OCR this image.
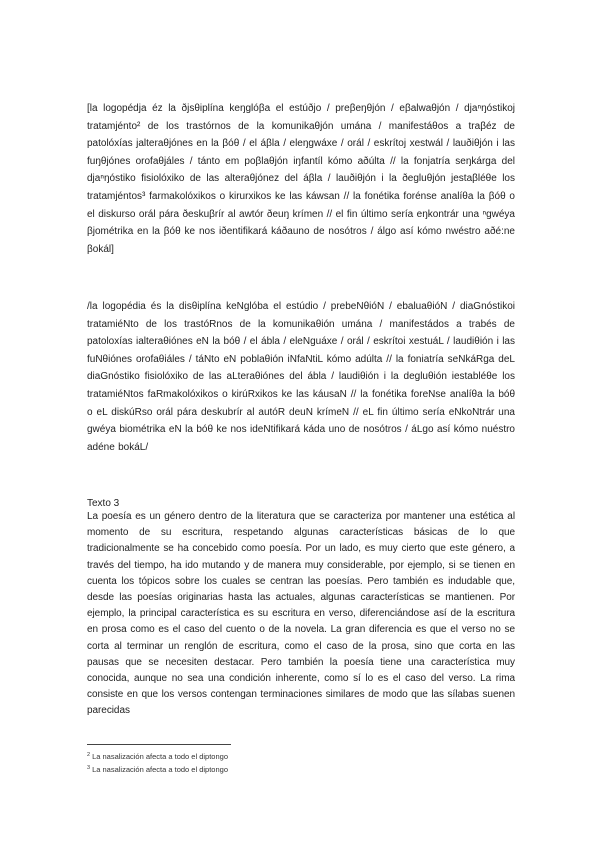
[la logopédja éz la ðjsθiplína keŋglóβa el estúðjo / preβeŋθjón / eβalwaθjón / djaⁿŋóstikoj tratamjénto² de los trastórnos de la komunikaθjón umána / manifestáθos a traβéz de patolóxías jalteraθjónes en la βóθ / el áβla / eleŋgwáxe / orál / eskrítoj xestwál / lauðiθjón i las fuŋθjónes orofaθjáles / tánto em poβlaθjón iŋfantíl kómo aðúlta // la fonjatría seŋkárga del djaⁿŋóstiko fisiolóxiko de las alteraθjónez del áβla / lauðiθjón i la ðegluθjón jestaβléθe los tratamjéntos³ farmakolóxikos o kirurxikos ke las káwsan // la fonétika forénse analíθa la βóθ o el diskurso orál pára ðeskuβrír al awtór ðeuŋ krímen // el fin último sería eŋkontrár una ⁿgwéya βjométrika en la βóθ ke nos iðentifikará káðauno de nosótros / álgo así kómo nwéstro aðé:ne βokál]

/la logopédia és la disθiplína keNglóba el estúdio / prebeNθióN / ebaluaθióN / diaGnóstikoi tratamiéNto de los trastóRnos de la komunikaθión umána / manifestádos a trabés de patoloxías ialteraθiónes eN la bóθ / el ábla / eleNguáxe / orál / eskrítoi xestuáL / laudiθión i las fuNθiónes orofaθiáles / táNto eN poblaθión iNfaNtiL kómo adúlta // la foniatría seNkáRga deL diaGnóstiko fisiolóxiko de las aLteraθiónes del ábla / laudiθión i la degluθión iestabléθe los tratamiéNtos faRmakolóxikos o kirúRxikos ke las káusaN // la fonétika foreNse analíθa la bóθ o eL diskúRso orál pára deskubrír al autóR deuN krímeN // eL fin último sería eNkoNtrár una gwéya biométrika eN la bóθ ke nos ideNtifikará káda uno de nosótros / áLgo así kómo nuéstro adéne bokáL/

Texto 3

La poesía es un género dentro de la literatura que se caracteriza por mantener una estética al momento de su escritura, respetando algunas características básicas de lo que tradicionalmente se ha concebido como poesía. Por un lado, es muy cierto que este género, a través del tiempo, ha ido mutando y de manera muy considerable, por ejemplo, si se tienen en cuenta los tópicos sobre los cuales se centran las poesías. Pero también es indudable que, desde las poesías originarias hasta las actuales, algunas características se mantienen. Por ejemplo, la principal característica es su escritura en verso, diferenciándose así de la escritura en prosa como es el caso del cuento o de la novela. La gran diferencia es que el verso no se corta al terminar un renglón de escritura, como el caso de la prosa, sino que corta en las pausas que se necesiten destacar. Pero también la poesía tiene una característica muy conocida, aunque no sea una condición inherente, como sí lo es el caso del verso. La rima consiste en que los versos contengan terminaciones similares de modo que las sílabas suenen parecidas

$^2$ La nasalización afecta a todo el diptongo

$^3$ La nasalización afecta a todo el diptongo
